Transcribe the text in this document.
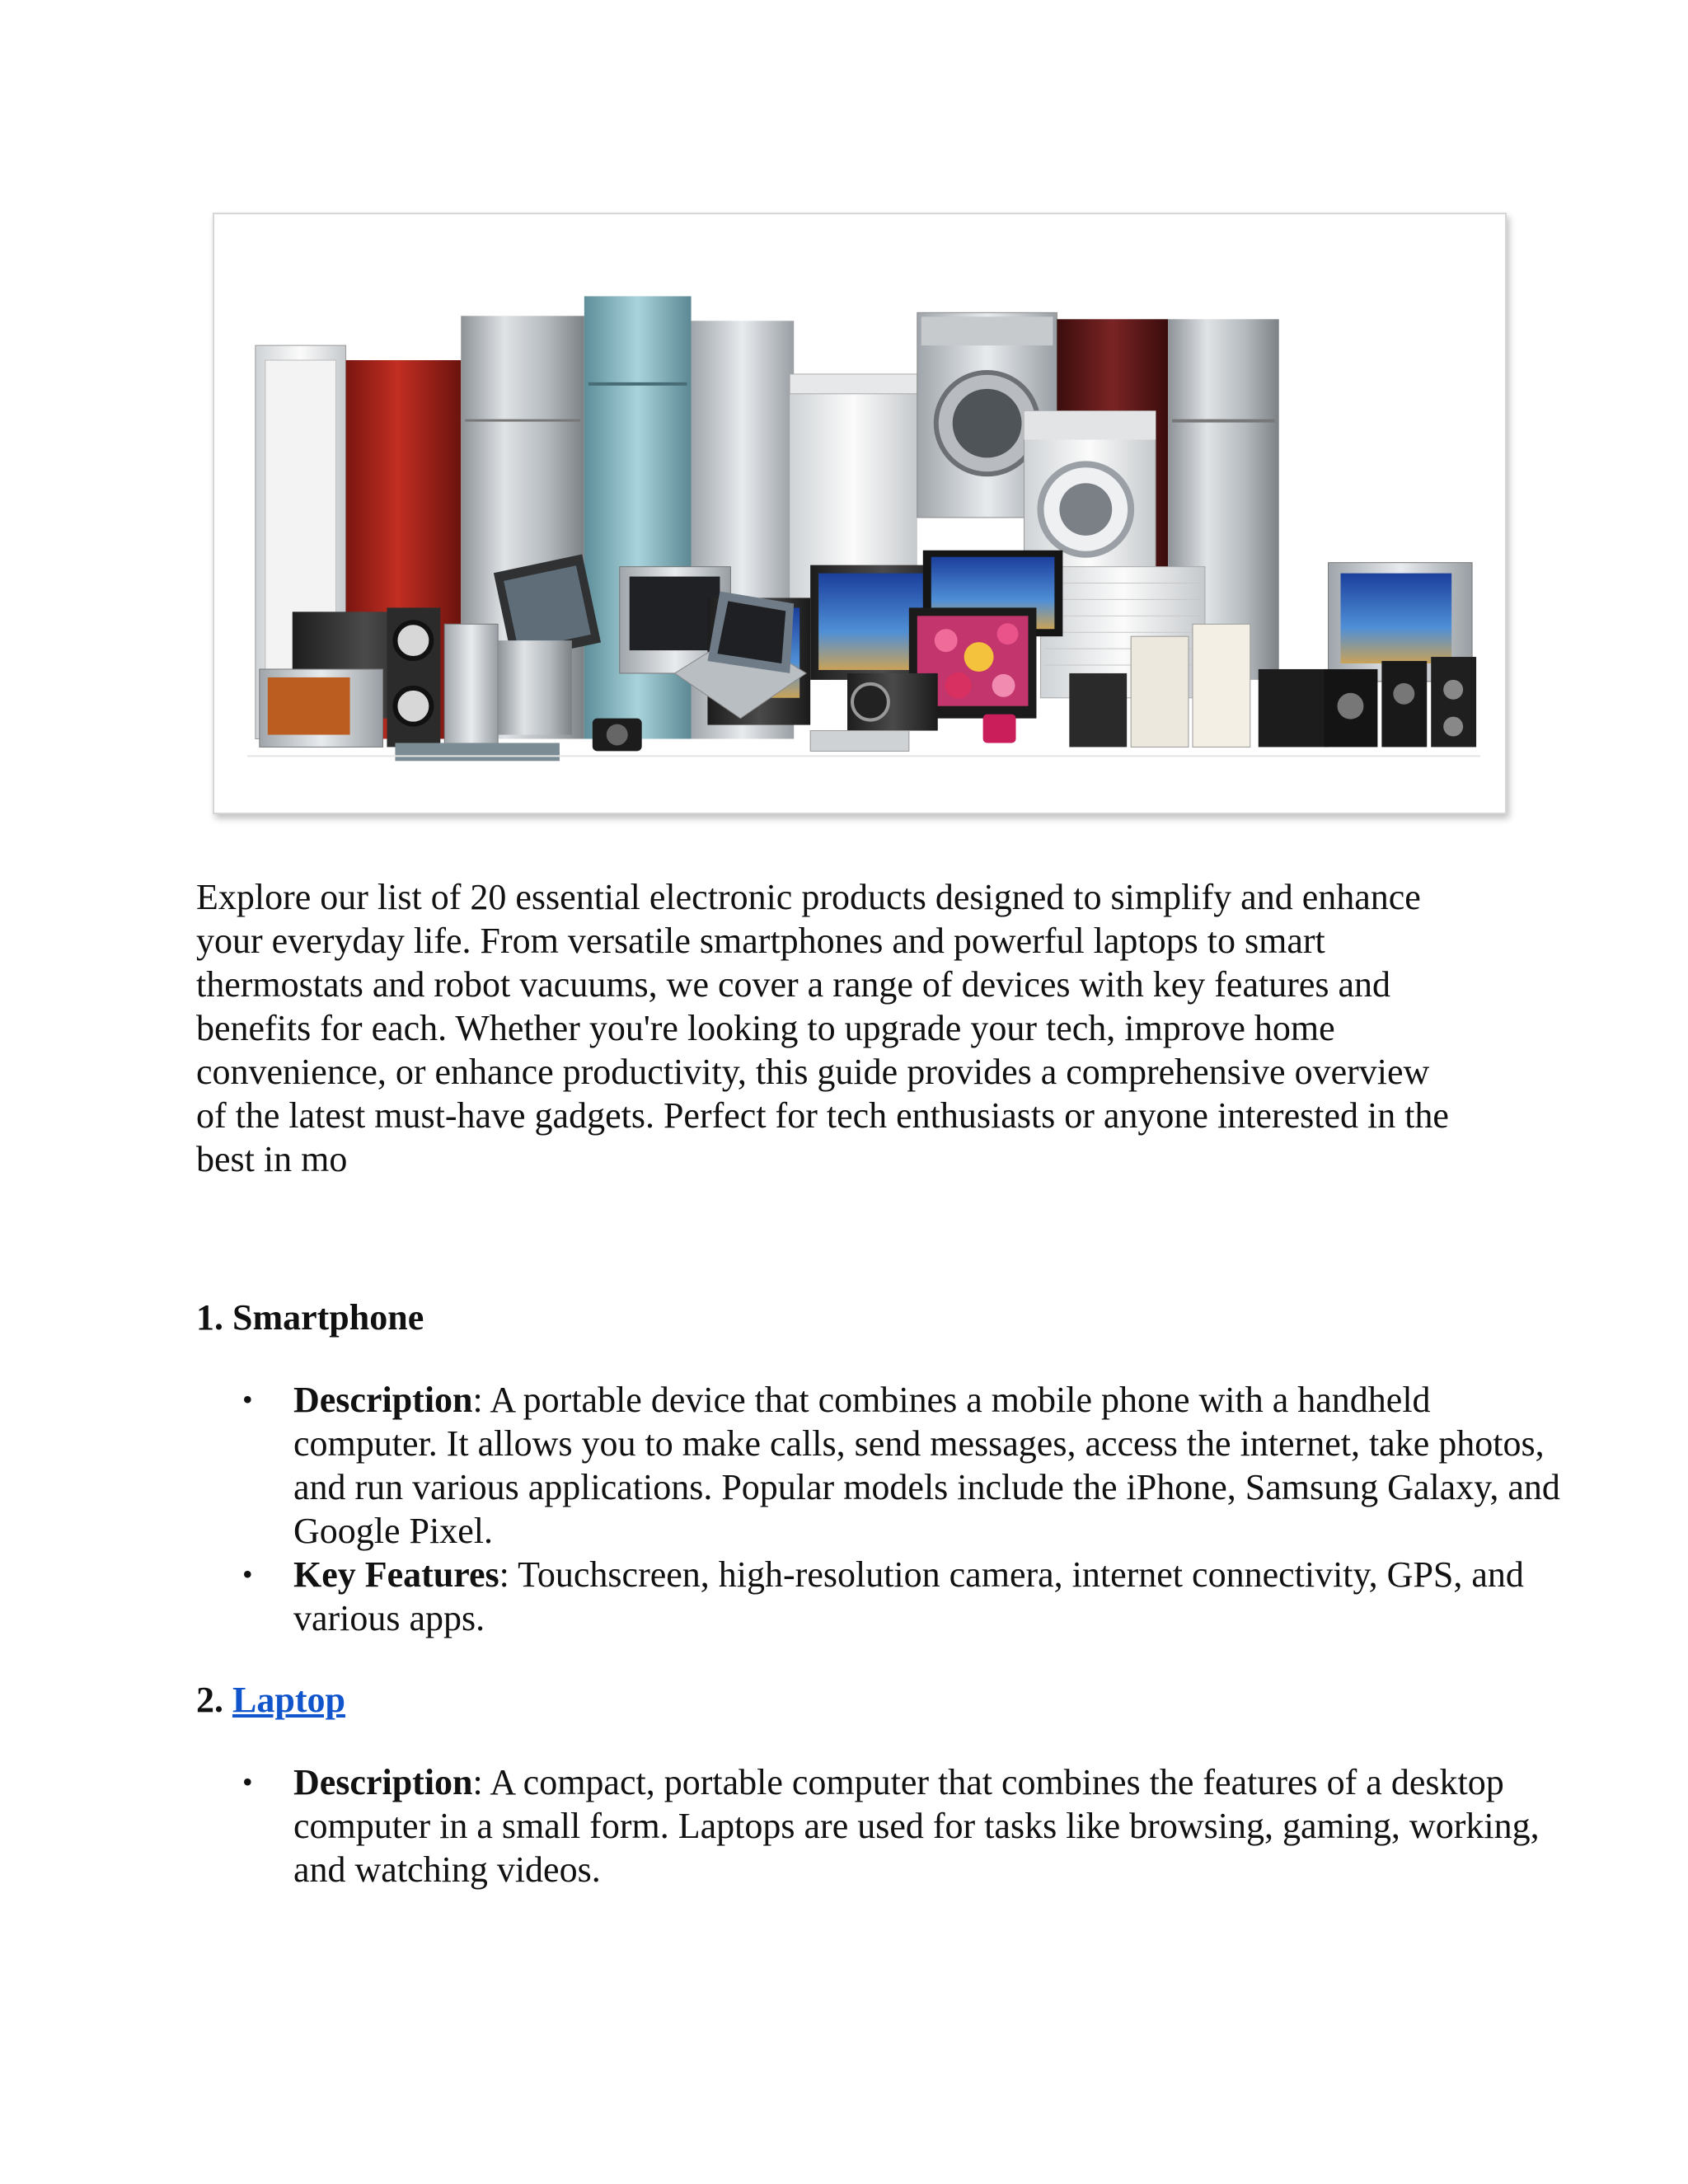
Explore our list of 20 essential electronic products designed to simplify and enhance your everyday life. From versatile smartphones and powerful laptops to smart thermostats and robot vacuums, we cover a range of devices with key features and benefits for each. Whether you're looking to upgrade your tech, improve home convenience, or enhance productivity, this guide provides a comprehensive overview of the latest must-have gadgets. Perfect for tech enthusiasts or anyone interested in the best in mo

1. Smartphone
• Description: A portable device that combines a mobile phone with a handheld computer. It allows you to make calls, send messages, access the internet, take photos, and run various applications. Popular models include the iPhone, Samsung Galaxy, and Google Pixel.
• Key Features: Touchscreen, high-resolution camera, internet connectivity, GPS, and various apps.
2. Laptop
• Description: A compact, portable computer that combines the features of a desktop computer in a small form. Laptops are used for tasks like browsing, gaming, working, and watching videos.
